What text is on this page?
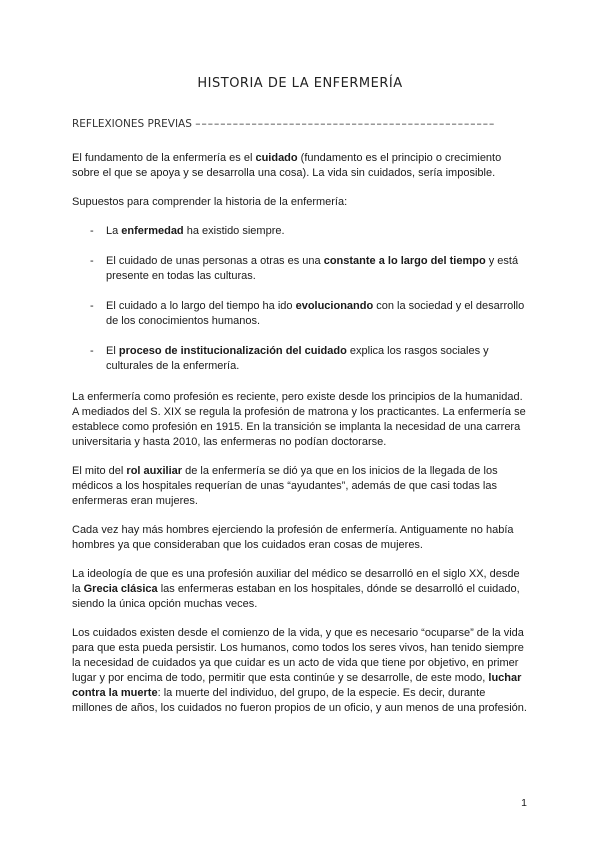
HISTORIA DE LA ENFERMERÍA
REFLEXIONES PREVIAS ––––––––––––––––––––––––––––––––––––––––––––––––

El fundamento de la enfermería es el cuidado (fundamento es el principio o crecimiento sobre el que se apoya y se desarrolla una cosa). La vida sin cuidados, sería imposible.

Supuestos para comprender la historia de la enfermería:

- La enfermedad ha existido siempre.
- El cuidado de unas personas a otras es una constante a lo largo del tiempo y está presente en todas las culturas.
- El cuidado a lo largo del tiempo ha ido evolucionando con la sociedad y el desarrollo de los conocimientos humanos.
- El proceso de institucionalización del cuidado explica los rasgos sociales y culturales de la enfermería.

La enfermería como profesión es reciente, pero existe desde los principios de la humanidad. A mediados del S. XIX se regula la profesión de matrona y los practicantes. La enfermería se establece como profesión en 1915. En la transición se implanta la necesidad de una carrera universitaria y hasta 2010, las enfermeras no podían doctorarse.

El mito del rol auxiliar de la enfermería se dió ya que en los inicios de la llegada de los médicos a los hospitales requerían de unas “ayudantes”, además de que casi todas las enfermeras eran mujeres.

Cada vez hay más hombres ejerciendo la profesión de enfermería. Antiguamente no había hombres ya que consideraban que los cuidados eran cosas de mujeres.

La ideología de que es una profesión auxiliar del médico se desarrolló en el siglo XX, desde la Grecia clásica las enfermeras estaban en los hospitales, dónde se desarrolló el cuidado, siendo la única opción muchas veces.

Los cuidados existen desde el comienzo de la vida, y que es necesario “ocuparse” de la vida para que esta pueda persistir. Los humanos, como todos los seres vivos, han tenido siempre la necesidad de cuidados ya que cuidar es un acto de vida que tiene por objetivo, en primer lugar y por encima de todo, permitir que esta continúe y se desarrolle, de este modo, luchar contra la muerte: la muerte del individuo, del grupo, de la especie. Es decir, durante millones de años, los cuidados no fueron propios de un oficio, y aun menos de una profesión.

1
